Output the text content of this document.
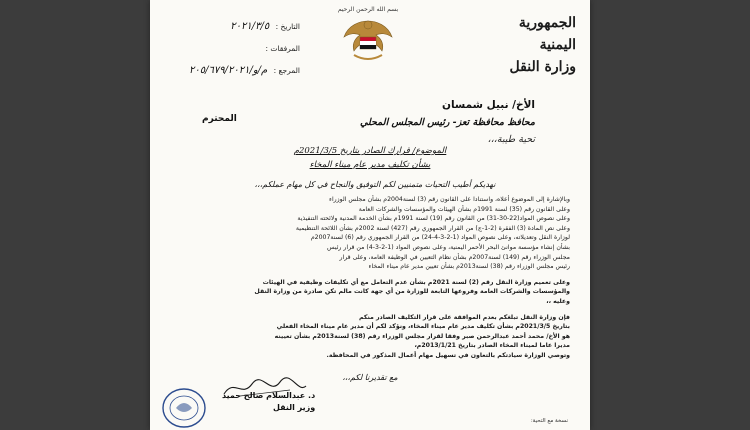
الجمهورية اليمنية
وزارة النقل
بسم الله الرحمن الرحيم
التاريخ : ٢٠٢١/٣/٥
المرفقات :
المرجع : م/و/٢٠٥/٦٧٩/٢٠٢١
الأخ/ نبيل شمسان
محافظ محافظة تعز- رئيس المجلس المحلي
تحية طيبة،،،
المحترم
الموضوع/ قرارك الصادر بتاريخ 2021/3/5م
بشأن تكليف مدير عام ميناء المخاء
نهديكم أطيب التحيات متمنيين لكم التوفيق والنجاح في كل مهام عملكم،،،
وبالإشارة إلى الموضوع أعلاه، واستنادا على القانون رقم (3) لسنة2004م بشأن مجلس الوزراء
وعلى القانون رقم (35) لسنة 1991م بشأن الهيئات والمؤسسات والشركات العامة
وعلى نصوص المواد(22-30-31) من القانون رقم (19) لسنة 1991م بشأن الخدمة المدنية ولائحته التنفيذية
وعلى نص المادة (3) الفقرة (2-1-ج) من القرار الجمهوري رقم (427) لسنة 2002م بشأن اللائحة التنظيمية
لوزارة النقل وتعديلاته، وعلى نصوص المواد (1-2-3-4-24) من القرار الجمهوري رقم (6) لسنة2007م
بشأن إنشاء مؤسسة موانئ البحر الأحمر اليمنية، وعلى نصوص المواد (1-2-3-4) من قرار رئيس
مجلس الوزراء رقم (149) لسنة2007م بشأن نظام التعيين في الوظيفة العامة، وعلى قرار
رئيس مجلس الوزراء رقم (38) لسنة2013م بشأن تعيين مدير عام ميناء المخاء
وعلى تعميم وزارة النقل رقم (2) لسنة 2021م بشأن عدم التعامل مع أي تكليفات وظيفية في الهيئات
والمؤسسات والشركات العامة وفروعها التابعة للوزارة من أي جهة كانت مالم تكن صادرة من وزارة النقل
وعليه ،،
فإن وزارة النقل تبلغكم بعدم الموافقة على قرار التكليف الصادر منكم
بتاريخ 2021/3/5م بشأن تكليف مدير عام ميناء المخاء، ونؤكد لكم أن مدير عام ميناء المخاء الفعلي
هو الأخ/ محمد أحمد عبدالرحمن صبر وفقا لقرار مجلس الوزراء رقم (38) لسنة2013م بشأن تعيينه
مديرا عاما لميناء المخاء الصادر بتاريخ 2013/1/21م،
وتوصي الوزارة سيادتكم بالتعاون في تسهيل مهام أعمال المذكور في المحافظة.
مع تقديرنا لكم،،،
د. عبدالسلام صالح حميد
وزير النقل
نسخة مع التحية:
